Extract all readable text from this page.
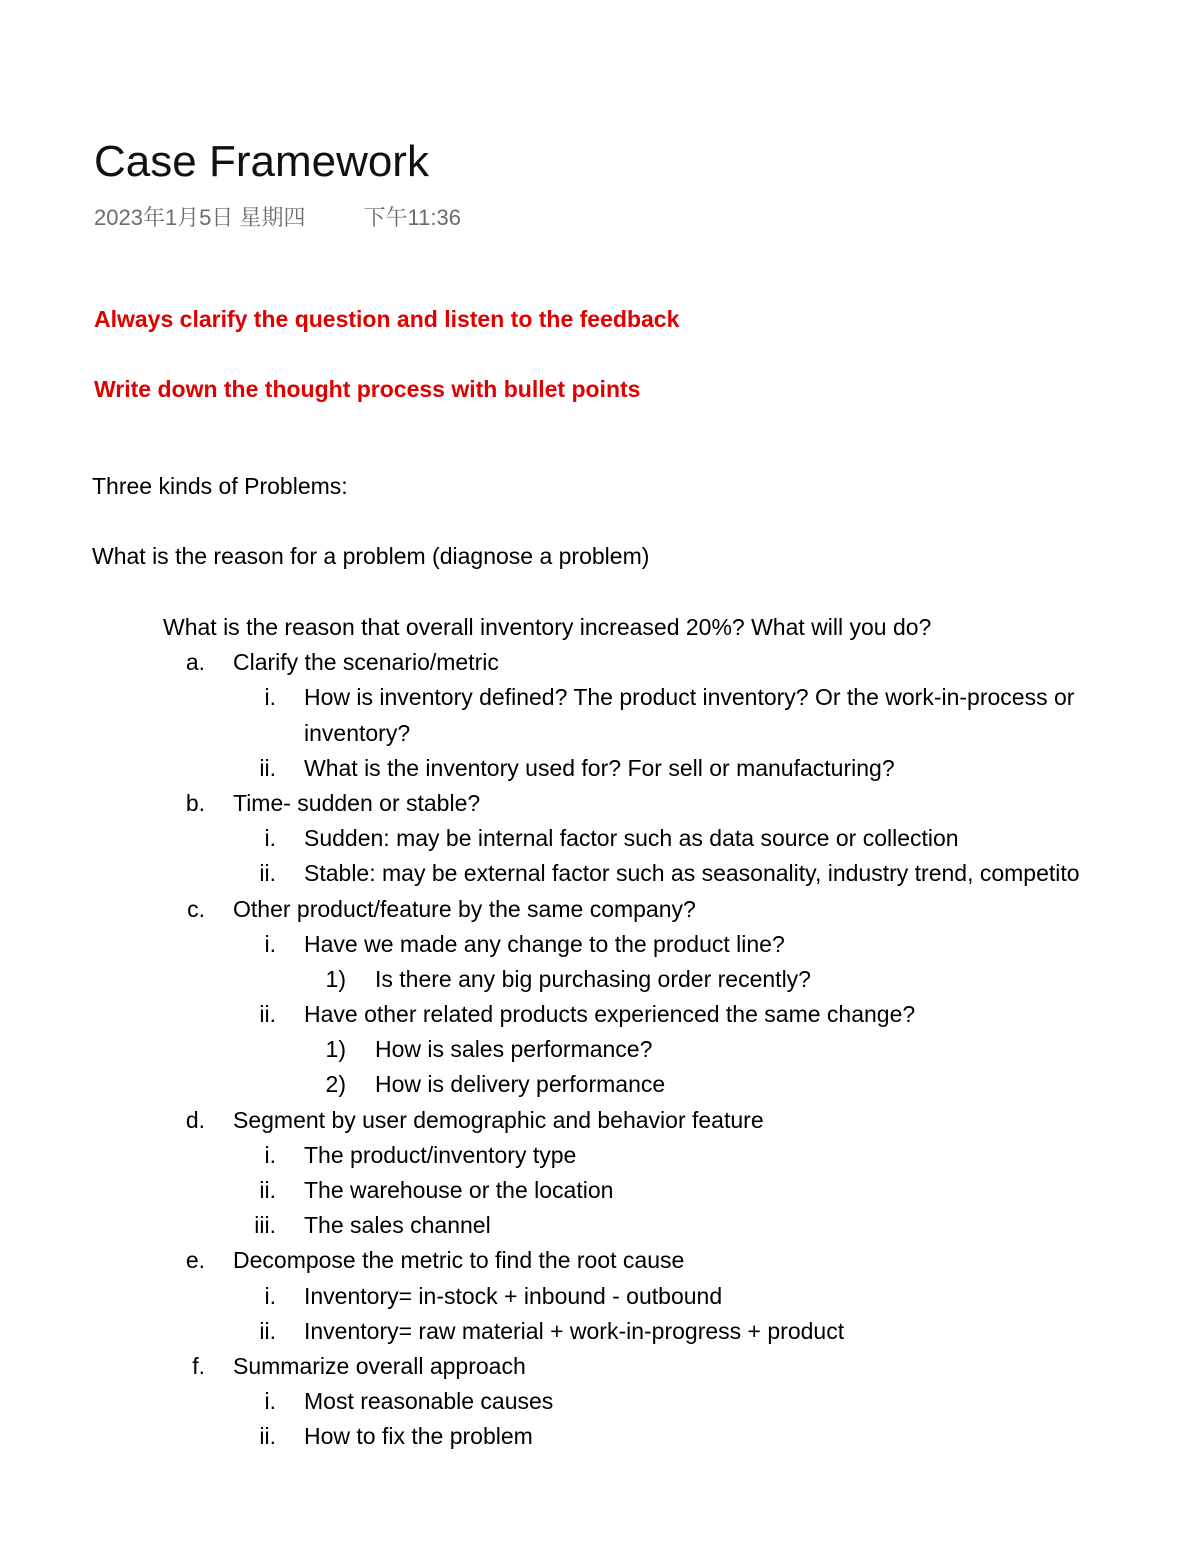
Case Framework
2023年1月5日 星期四	下午11:36
Always clarify the question and listen to the feedback
Write down the thought process with bullet points
Three kinds of Problems:
What is the reason for a problem (diagnose a problem)
What is the reason that overall inventory increased 20%? What will you do?
a. Clarify the scenario/metric
i. How is inventory defined? The product inventory? Or the work-in-process or
inventory?
ii. What is the inventory used for? For sell or manufacturing?
b. Time- sudden or stable?
i. Sudden: may be internal factor such as data source or collection
ii. Stable: may be external factor such as seasonality, industry trend, competito
c. Other product/feature by the same company?
i. Have we made any change to the product line?
1) Is there any big purchasing order recently?
ii. Have other related products experienced the same change?
1) How is sales performance?
2) How is delivery performance
d. Segment by user demographic and behavior feature
i. The product/inventory type
ii. The warehouse or the location
iii. The sales channel
e. Decompose the metric to find the root cause
i. Inventory= in-stock + inbound - outbound
ii. Inventory= raw material + work-in-progress + product
f. Summarize overall approach
i. Most reasonable causes
ii. How to fix the problem
